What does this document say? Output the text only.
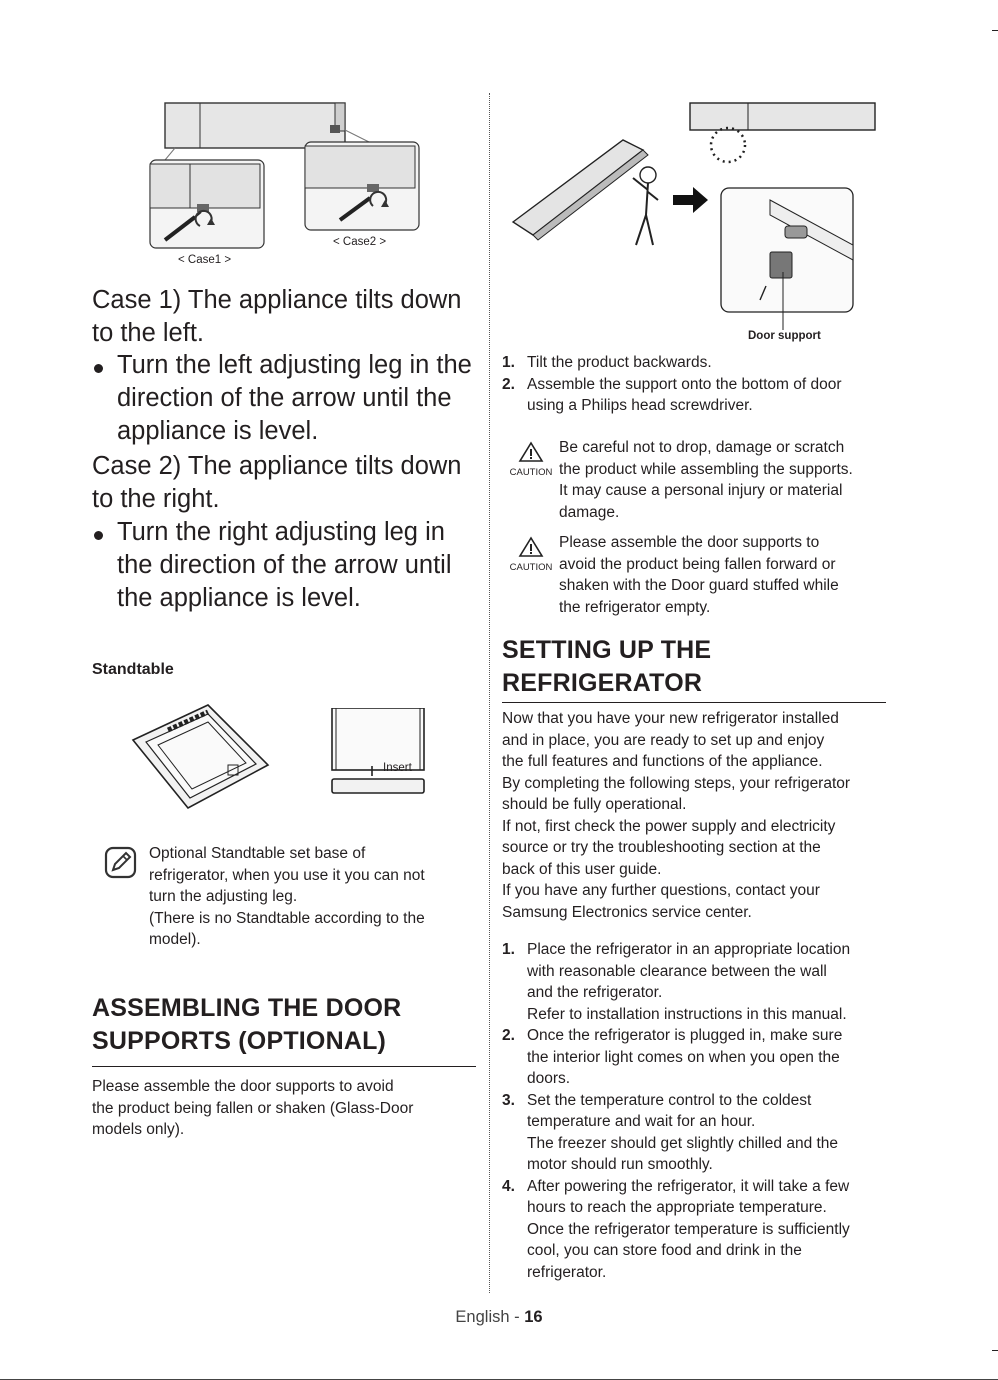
< Case2 >
< Case1 >
Case 1) The appliance tilts down
to the left.
Turn the left adjusting leg in the
direction of the arrow until the
appliance is level.
Case 2) The appliance tilts down
to the right.
Turn the right adjusting leg in
the direction of the arrow until
the appliance is level.
Standtable
Insert
Optional Standtable set base of
refrigerator, when you use it you can not
turn the adjusting leg.
(There is no Standtable according to the
model).
ASSEMBLING THE DOOR
SUPPORTS (OPTIONAL)
Please assemble the door supports to avoid
the product being fallen or shaken (Glass-Door
models only).
Door support
1. Tilt the product backwards.
2. Assemble the support onto the bottom of door
using a Philips head screwdriver.
CAUTION
Be careful not to drop, damage or scratch
the product while assembling the supports.
It may cause a personal injury or material
damage.
CAUTION
Please assemble the door supports to
avoid the product being fallen forward or
shaken with the Door guard stuffed while
the refrigerator empty.
SETTING UP THE
REFRIGERATOR
Now that you have your new refrigerator installed
and in place, you are ready to set up and enjoy
the full features and functions of the appliance.
By completing the following steps, your refrigerator
should be fully operational.
If not, first check the power supply and electricity
source or try the troubleshooting section at the
back of this user guide.
If you have any further questions, contact your
Samsung Electronics service center.
1. Place the refrigerator in an appropriate location
with reasonable clearance between the wall
and the refrigerator.
Refer to installation instructions in this manual.
2. Once the refrigerator is plugged in, make sure
the interior light comes on when you open the
doors.
3. Set the temperature control to the coldest
temperature and wait for an hour.
The freezer should get slightly chilled and the
motor should run smoothly.
4. After powering the refrigerator, it will take a few
hours to reach the appropriate temperature.
Once the refrigerator temperature is sufficiently
cool, you can store food and drink in the
refrigerator.
English - 16
